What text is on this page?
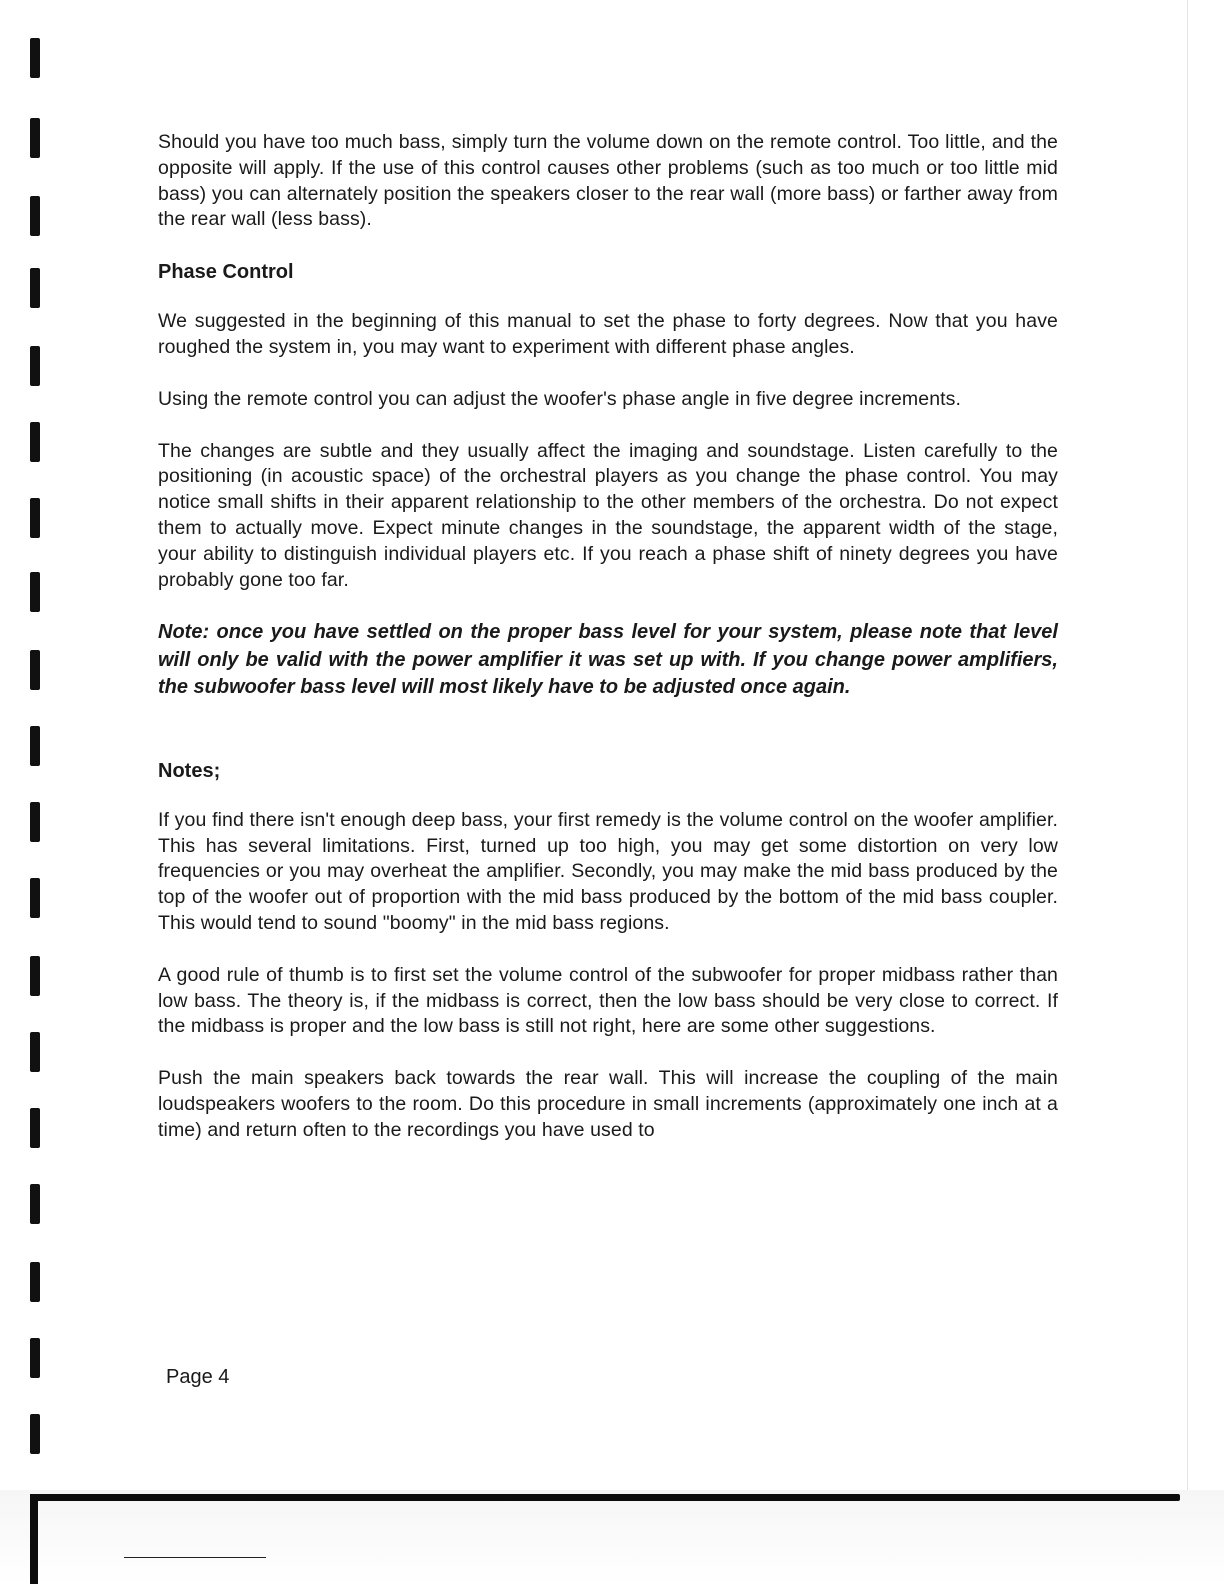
Should you have too much bass, simply turn the volume down on the remote control. Too little, and the opposite will apply. If the use of this control causes other problems (such as too much or too little mid bass) you can alternately position the speakers closer to the rear wall (more bass) or farther away from the rear wall (less bass).

Phase Control

We suggested in the beginning of this manual to set the phase to forty degrees. Now that you have roughed the system in, you may want to experiment with different phase angles.

Using the remote control you can adjust the woofer's phase angle in five degree increments.

The changes are subtle and they usually affect the imaging and soundstage. Listen carefully to the positioning (in acoustic space) of the orchestral players as you change the phase control. You may notice small shifts in their apparent relationship to the other members of the orchestra. Do not expect them to actually move. Expect minute changes in the soundstage, the apparent width of the stage, your ability to distinguish individual players etc. If you reach a phase shift of ninety degrees you have probably gone too far.

Note: once you have settled on the proper bass level for your system, please note that level will only be valid with the power amplifier it was set up with. If you change power amplifiers, the subwoofer bass level will most likely have to be adjusted once again.

Notes;

If you find there isn't enough deep bass, your first remedy is the volume control on the woofer amplifier. This has several limitations. First, turned up too high, you may get some distortion on very low frequencies or you may overheat the amplifier. Secondly, you may make the mid bass produced by the top of the woofer out of proportion with the mid bass produced by the bottom of the mid bass coupler. This would tend to sound "boomy" in the mid bass regions.

A good rule of thumb is to first set the volume control of the subwoofer for proper midbass rather than low bass. The theory is, if the midbass is correct, then the low bass should be very close to correct. If the midbass is proper and the low bass is still not right, here are some other suggestions.

Push the main speakers back towards the rear wall. This will increase the coupling of the main loudspeakers woofers to the room. Do this procedure in small increments (approximately one inch at a time) and return often to the recordings you have used to

Page 4
